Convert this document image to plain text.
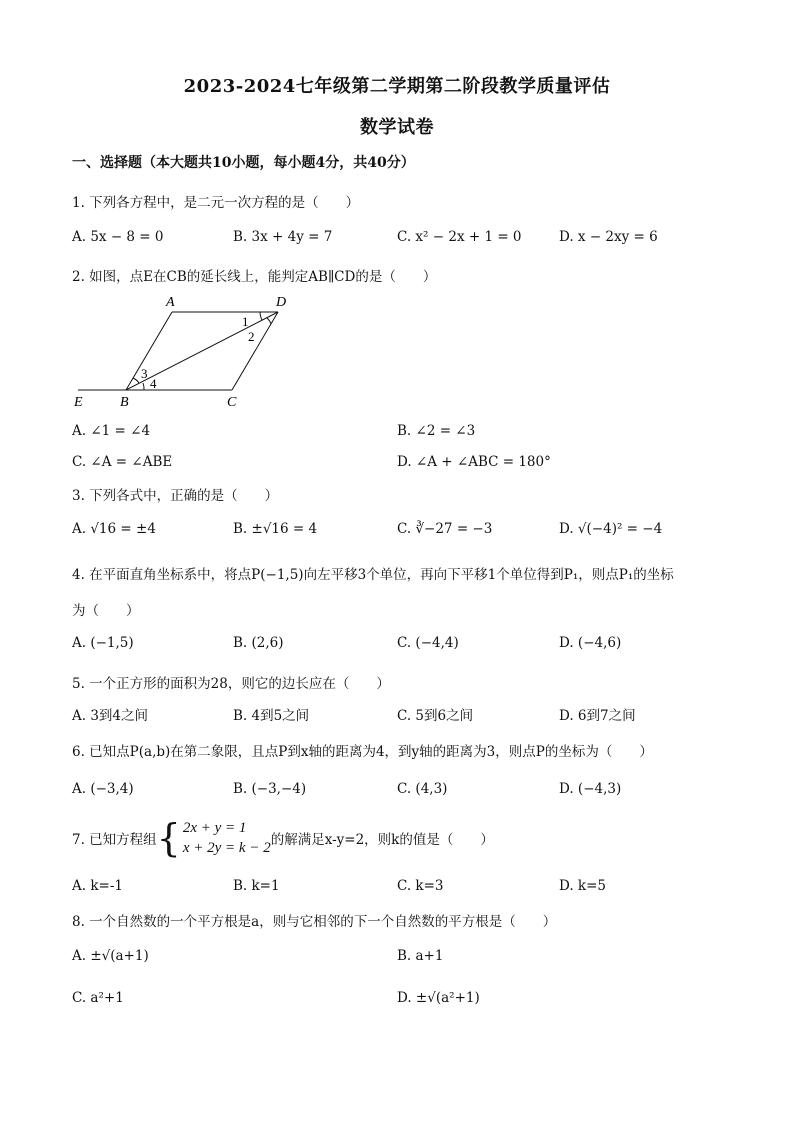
2023-2024七年级第二学期第二阶段教学质量评估
数学试卷
一、选择题（本大题共10小题，每小题4分，共40分）
1. 下列各方程中，是二元一次方程的是（　　）
A. 5x − 8 = 0	B. 3x + 4y = 7	C. x² − 2x + 1 = 0	D. x − 2xy = 6
2. 如图，点E在CB的延长线上，能判定AB∥CD的是（　　）
A	D
E	B	C
1
2
3
4
A. ∠1 = ∠4	B. ∠2 = ∠3
C. ∠A = ∠ABE	D. ∠A + ∠ABC = 180°
3. 下列各式中，正确的是（　　）
A. √16 = ±4	B. ±√16 = 4	C. ∛−27 = −3	D. √(−4)² = −4
4. 在平面直角坐标系中，将点P(−1,5)向左平移3个单位，再向下平移1个单位得到P₁，则点P₁的坐标
为（　　）
A. (−1,5)	B. (2,6)	C. (−4,4)	D. (−4,6)
5. 一个正方形的面积为28，则它的边长应在（　　）
A. 3到4之间	B. 4到5之间	C. 5到6之间	D. 6到7之间
6. 已知点P(a,b)在第二象限，且点P到x轴的距离为4，到y轴的距离为3，则点P的坐标为（　　）
A. (−3,4)	B. (−3,−4)	C. (4,3)	D. (−4,3)
7. 已知方程组 { 2x + y = 1
x + 2y = k − 2 的解满足x-y=2，则k的值是（　　）
A. k=-1	B. k=1	C. k=3	D. k=5
8. 一个自然数的一个平方根是a，则与它相邻的下一个自然数的平方根是（　　）
A. ±√(a+1)	B. a+1
C. a²+1	D. ±√(a²+1)
